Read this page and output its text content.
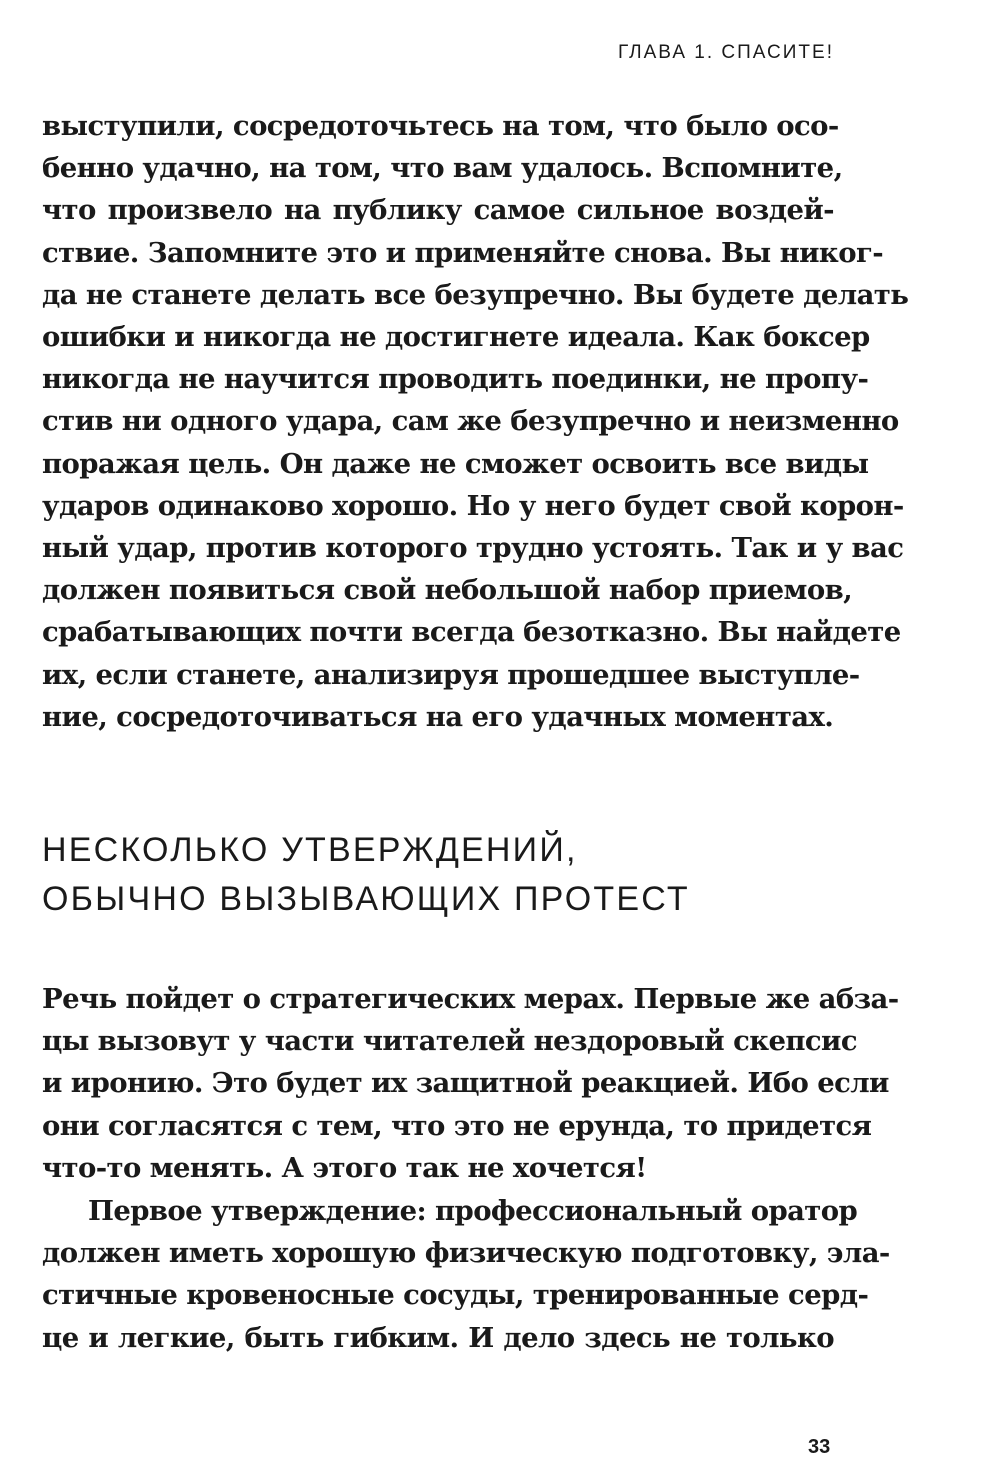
ГЛАВА 1. СПАСИТЕ!
выступили, сосредоточьтесь на том, что было осо-
бенно удачно, на том, что вам удалось. Вспомните,
что произвело на публику самое сильное воздей-
ствие. Запомните это и применяйте снова. Вы никог-
да не станете делать все безупречно. Вы будете делать
ошибки и никогда не достигнете идеала. Как боксер
никогда не научится проводить поединки, не пропу-
стив ни одного удара, сам же безупречно и неизменно
поражая цель. Он даже не сможет освоить все виды
ударов одинаково хорошо. Но у него будет свой корон-
ный удар, против которого трудно устоять. Так и у вас
должен появиться свой небольшой набор приемов,
срабатывающих почти всегда безотказно. Вы найдете
их, если станете, анализируя прошедшее выступле-
ние, сосредоточиваться на его удачных моментах.
НЕСКОЛЬКО УТВЕРЖДЕНИЙ,
ОБЫЧНО ВЫЗЫВАЮЩИХ ПРОТЕСТ
Речь пойдет о стратегических мерах. Первые же абза-
цы вызовут у части читателей нездоровый скепсис
и иронию. Это будет их защитной реакцией. Ибо если
они согласятся с тем, что это не ерунда, то придется
что-то менять. А этого так не хочется!
Первое утверждение: профессиональный оратор
должен иметь хорошую физическую подготовку, эла-
стичные кровеносные сосуды, тренированные серд-
це и легкие, быть гибким. И дело здесь не только
33
